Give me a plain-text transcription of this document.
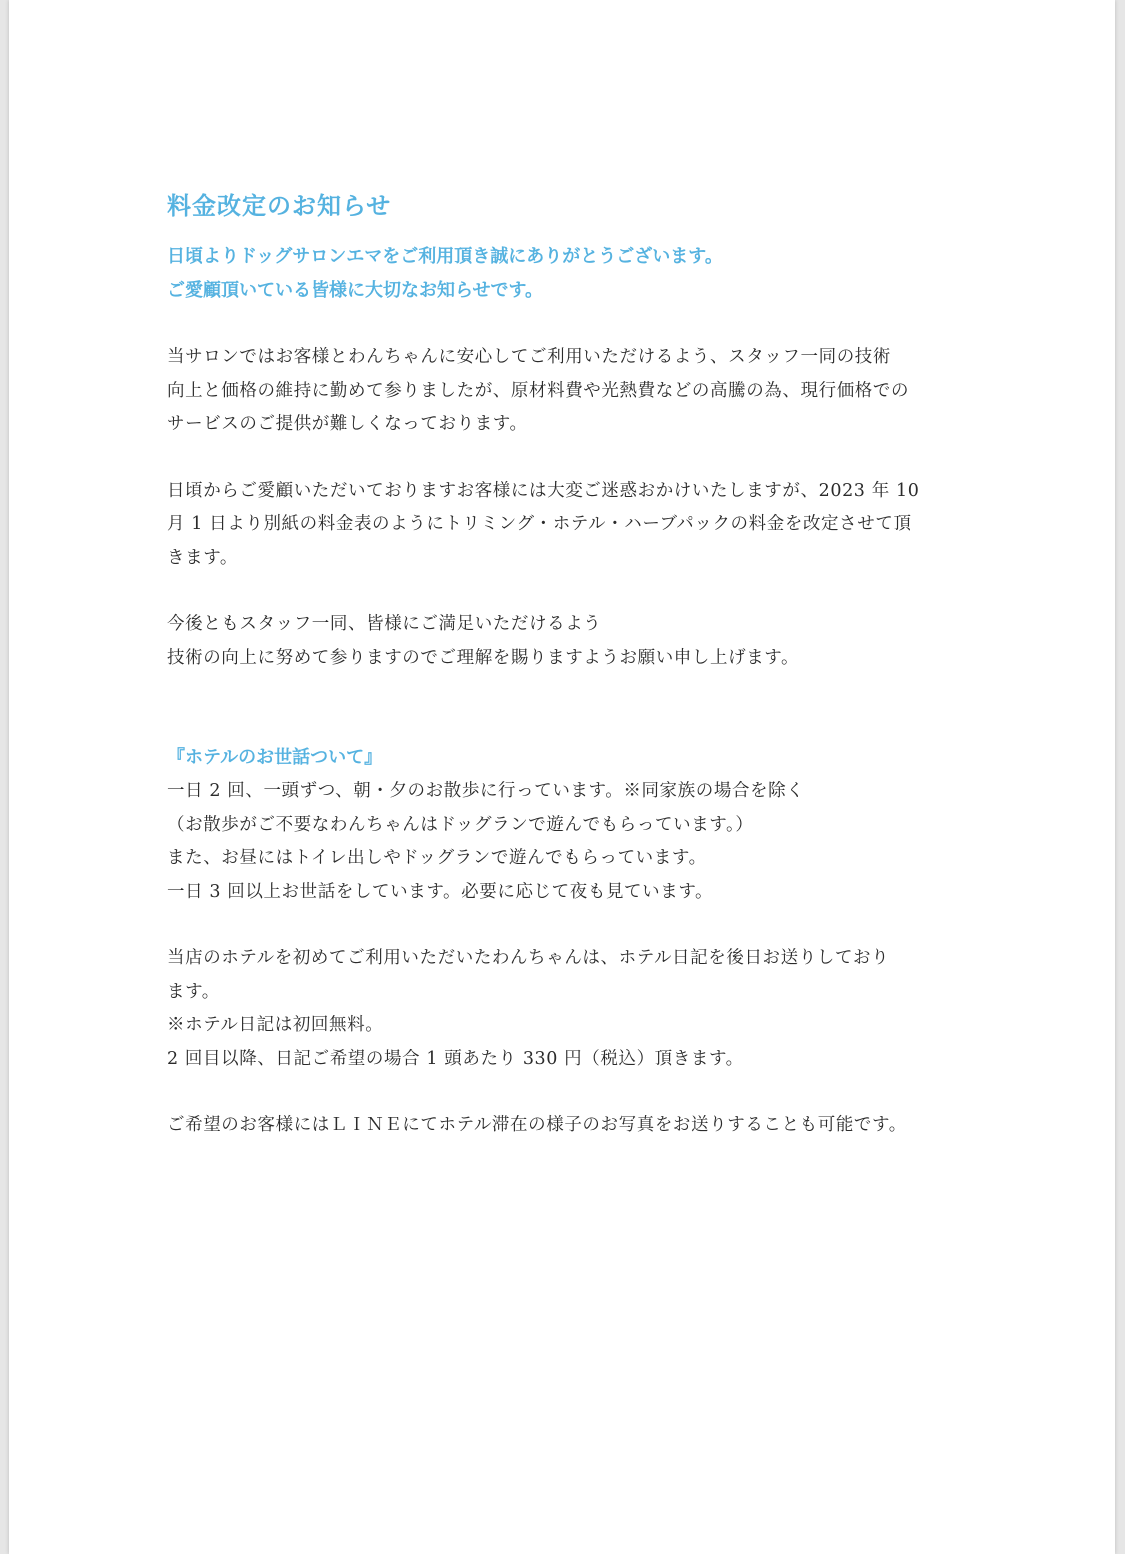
料金改定のお知らせ
日頃よりドッグサロンエマをご利用頂き誠にありがとうございます。
ご愛顧頂いている皆様に大切なお知らせです。
当サロンではお客様とわんちゃんに安心してご利用いただけるよう、スタッフ一同の技術
向上と価格の維持に勤めて参りましたが、原材料費や光熱費などの高騰の為、現行価格での
サービスのご提供が難しくなっております。
日頃からご愛顧いただいておりますお客様には大変ご迷惑おかけいたしますが、2023 年 10
月 1 日より別紙の料金表のようにトリミング・ホテル・ハーブパックの料金を改定させて頂
きます。
今後ともスタッフ一同、皆様にご満足いただけるよう
技術の向上に努めて参りますのでご理解を賜りますようお願い申し上げます。
『ホテルのお世話ついて』
一日 2 回、一頭ずつ、朝・夕のお散歩に行っています。※同家族の場合を除く
（お散歩がご不要なわんちゃんはドッグランで遊んでもらっています。）
また、お昼にはトイレ出しやドッグランで遊んでもらっています。
一日 3 回以上お世話をしています。必要に応じて夜も見ています。
当店のホテルを初めてご利用いただいたわんちゃんは、ホテル日記を後日お送りしており
ます。
※ホテル日記は初回無料。
2 回目以降、日記ご希望の場合 1 頭あたり 330 円（税込）頂きます。
ご希望のお客様にはＬＩＮＥにてホテル滞在の様子のお写真をお送りすることも可能です。
